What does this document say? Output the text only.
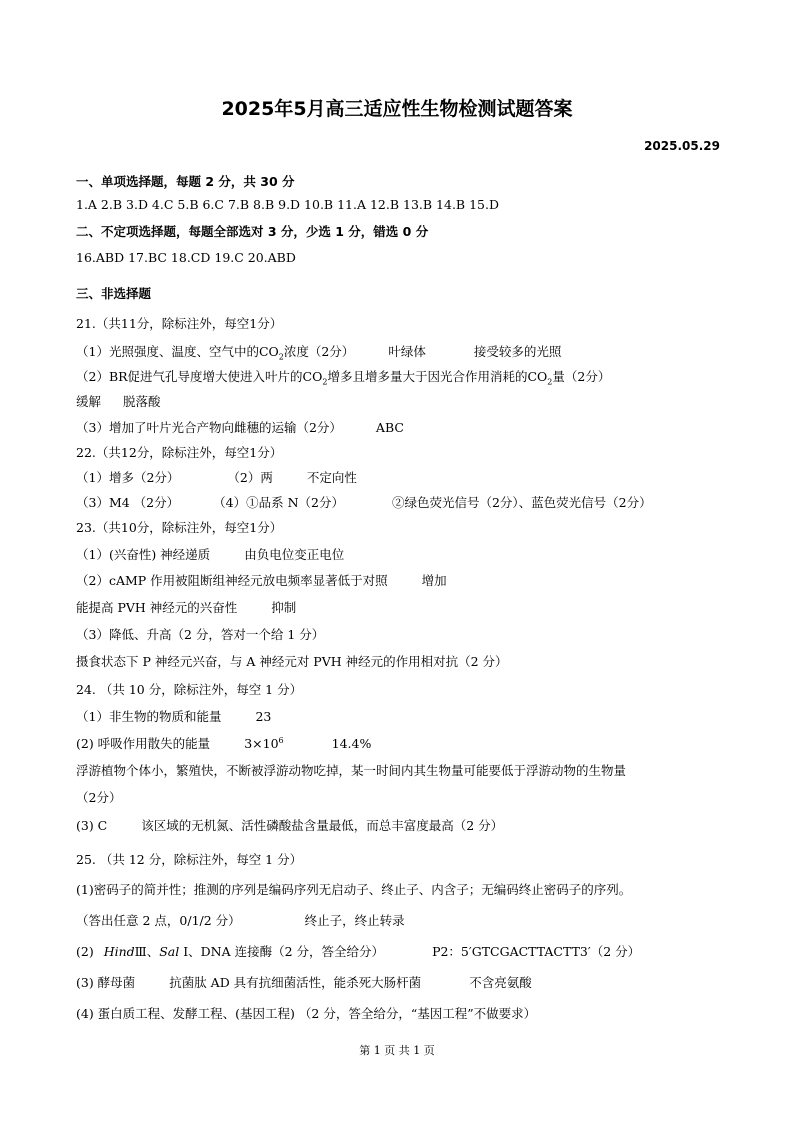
2025年5月高三适应性生物检测试题答案
2025.05.29
一、单项选择题，每题 2 分，共 30 分
1.A 2.B 3.D 4.C 5.B 6.C 7.B 8.B 9.D 10.B 11.A 12.B 13.B 14.B 15.D
二、不定项选择题，每题全部选对 3 分，少选 1 分，错选 0 分
16.ABD 17.BC 18.CD 19.C 20.ABD
三、非选择题
21.（共11分，除标注外，每空1分）
（1）光照强度、温度、空气中的$CO_2$浓度（2分）	叶绿体	接受较多的光照
（2）BR促进气孔导度增大使进入叶片的$CO_2$增多且增多量大于因光合作用消耗的$CO_2$量（2分）
缓解 脱落酸
（3）增加了叶片光合产物向雌穗的运输（2分）	ABC
22.（共12分，除标注外，每空1分）
（1）增多（2分）	（2）两	不定向性
（3）M4 （2分）	（4）①品系 N（2分）	②绿色荧光信号（2分）、蓝色荧光信号（2分）
23.（共10分，除标注外，每空1分）
（1）(兴奋性) 神经递质	由负电位变正电位
（2）cAMP 作用被阻断组神经元放电频率显著低于对照	增加
能提高 PVH 神经元的兴奋性	抑制
（3）降低、升高（2 分，答对一个给 1 分）
摄食状态下 P 神经元兴奋，与 A 神经元对 PVH 神经元的作用相对抗（2 分）
24. （共 10 分，除标注外，每空 1 分）
（1）非生物的物质和能量	23
(2) 呼吸作用散失的能量	$3\times 10^6$	14.4%
浮游植物个体小，繁殖快，不断被浮游动物吃掉，某一时间内其生物量可能要低于浮游动物的生物量
（2分）
(3) C	该区域的无机氮、活性磷酸盐含量最低，而总丰富度最高（2 分）
25. （共 12 分，除标注外，每空 1 分）
(1)密码子的简并性；推测的序列是编码序列无启动子、终止子、内含子；无编码终止密码子的序列。
（答出任意 2 点，0/1/2 分）	终止子，终止转录
(2) HindⅢ、Sal Ⅰ、DNA 连接酶（2 分，答全给分）	P2：5′GTCGACTTACTT3′（2 分）
(3) 酵母菌	抗菌肽 AD 具有抗细菌活性，能杀死大肠杆菌	不含亮氨酸
(4) 蛋白质工程、发酵工程、(基因工程) （2 分，答全给分，“基因工程”不做要求）
第 1 页 共 1 页
